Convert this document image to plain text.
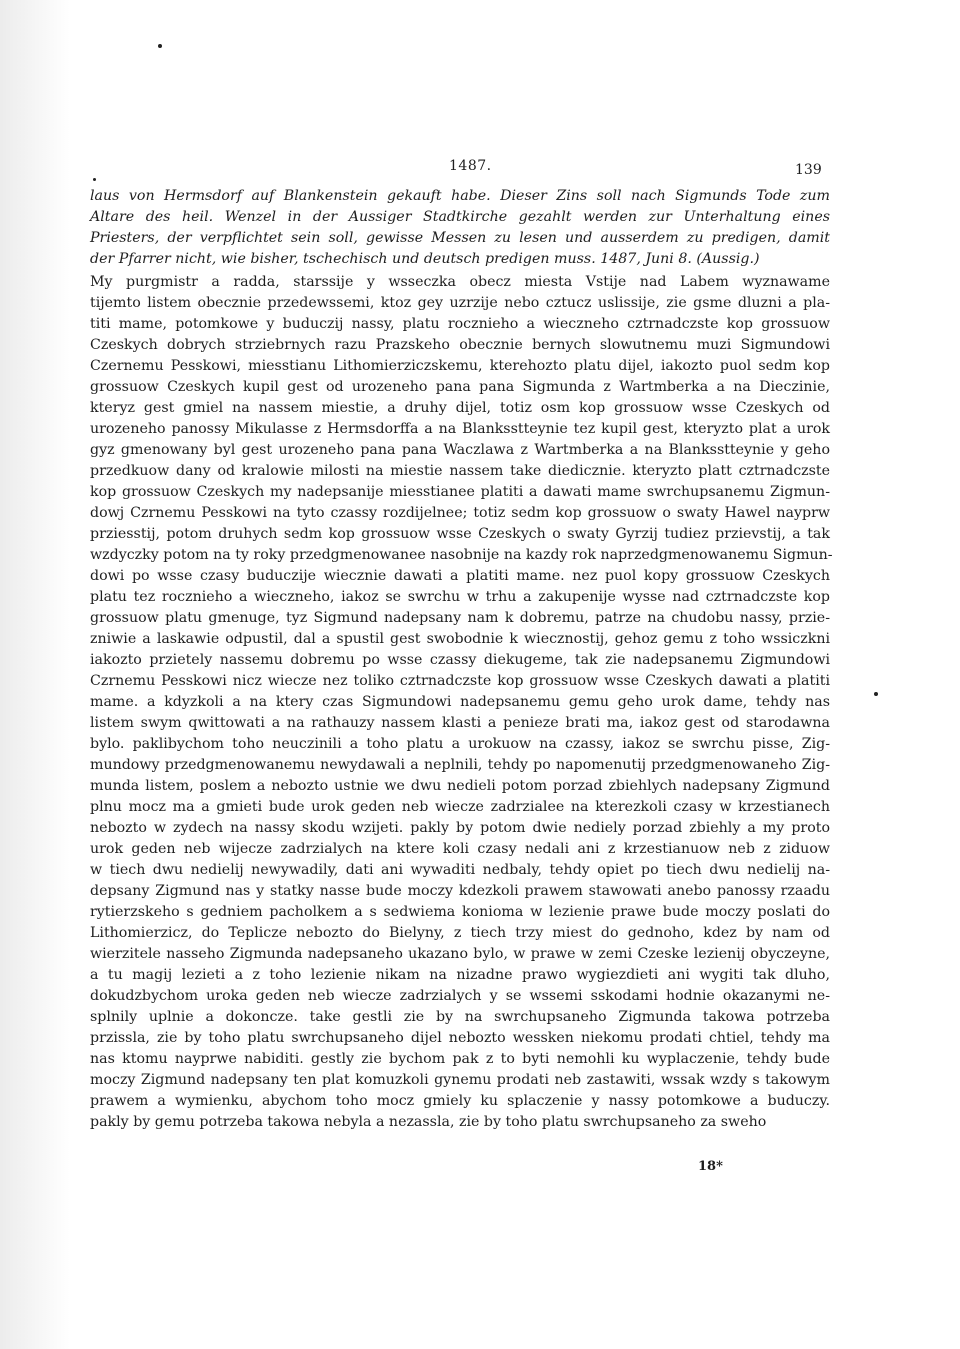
1487.	139
laus von Hermsdorf auf Blankenstein gekauft habe. Dieser Zins soll nach Sigmunds Tode zum
Altare des heil. Wenzel in der Aussiger Stadtkirche gezahlt werden zur Unterhaltung eines
Priesters, der verpflichtet sein soll, gewisse Messen zu lesen und ausserdem zu predigen, damit
der Pfarrer nicht, wie bisher, tschechisch und deutsch predigen muss. 1487, Juni 8. (Aussig.)
My purgmistr a radda, starssije y wsseczka obecz miesta Vstije nad Labem wyznawame
tijemto listem obecznie przedewssemi, ktoz gey uzrzije nebo cztucz uslissije, zie gsme dluzni a pla-
titi mame, potomkowe y buduczij nassy, platu rocznieho a wieczneho cztrnadczste kop grossuow
Czeskych dobrych strziebrnych razu Prazskeho obecznie bernych slowutnemu muzi Sigmundowi
Czernemu Pesskowi, miesstianu Lithomierziczskemu, kterehozto platu dijel, iakozto puol sedm kop
grossuow Czeskych kupil gest od urozeneho pana pana Sigmunda z Wartmberka a na Dieczinie,
kteryz gest gmiel na nassem miestie, a druhy dijel, totiz osm kop grossuow wsse Czeskych od
urozeneho panossy Mikulasse z Hermsdorffa a na Blanksstteynie tez kupil gest, kteryzto plat a urok
gyz gmenowany byl gest urozeneho pana pana Waczlawa z Wartmberka a na Blanksstteynie y geho
przedkuow dany od kralowie milosti na miestie nassem take diedicznie. kteryzto platt cztrnadczste
kop grossuow Czeskych my nadepsanije miesstianee platiti a dawati mame swrchupsanemu Zigmun-
dowj Czrnemu Pesskowi na tyto czassy rozdijelnee; totiz sedm kop grossuow o swaty Hawel nayprw
prziesstij, potom druhych sedm kop grossuow wsse Czeskych o swaty Gyrzij tudiez przievstij, a tak
wzdyczky potom na ty roky przedgmenowanee nasobnije na kazdy rok naprzedgmenowanemu Sigmun-
dowi po wsse czasy buduczije wiecznie dawati a platiti mame. nez puol kopy grossuow Czeskych
platu tez rocznieho a wieczneho, iakoz se swrchu w trhu a zakupenije wysse nad cztrnadczste kop
grossuow platu gmenuge, tyz Sigmund nadepsany nam k dobremu, patrze na chudobu nassy, przie-
zniwie a laskawie odpustil, dal a spustil gest swobodnie k wiecznostij, gehoz gemu z toho wssiczkni
iakozto przietely nassemu dobremu po wsse czassy diekugeme, tak zie nadepsanemu Zigmundowi
Czrnemu Pesskowi nicz wiecze nez toliko cztrnadczste kop grossuow wsse Czeskych dawati a platiti
mame. a kdyzkoli a na ktery czas Sigmundowi nadepsanemu gemu geho urok dame, tehdy nas
listem swym qwittowati a na rathauzy nassem klasti a penieze brati ma, iakoz gest od starodawna
bylo. paklibychom toho neuczinili a toho platu a urokuow na czassy, iakoz se swrchu pisse, Zig-
mundowy przedgmenowanemu newydawali a neplnili, tehdy po napomenutij przedgmenowaneho Zig-
munda listem, poslem a nebozto ustnie we dwu nedieli potom porzad zbiehlych nadepsany Zigmund
plnu mocz ma a gmieti bude urok geden neb wiecze zadrzialee na kterezkoli czasy w krzestianech
nebozto w zydech na nassy skodu wzijeti. pakly by potom dwie nediely porzad zbiehly a my proto
urok geden neb wijecze zadrzialych na ktere koli czasy nedali ani z krzestianuow neb z ziduow
w tiech dwu nedielij newywadily, dati ani wywaditi nedbaly, tehdy opiet po tiech dwu nedielij na-
depsany Zigmund nas y statky nasse bude moczy kdezkoli prawem stawowati anebo panossy rzaadu
rytierzskeho s gedniem pacholkem a s sedwiema koniomа w lezienie prawe bude moczy poslati do
Lithomierzicz, do Teplicze nebozto do Bielyny, z tiech trzy miest do gednoho, kdez by nam od
wierzitele nasseho Zigmunda nadepsaneho ukazano bylo, w prawe w zemi Czeske lezienij obyczeyne,
a tu magij lezieti a z toho lezienie nikam na nizadne prawo wygiezdieti ani wygiti tak dluho,
dokudzbychom uroka geden neb wiecze zadrzialych y se wssemi sskodami hodnie okazanymi ne-
splnily uplnie a dokoncze. take gestli zie by na swrchupsaneho Zigmunda takowa potrzeba
przissla, zie by toho platu swrchupsaneho dijel nebozto wessken niekomu prodati chtiel, tehdy ma
nas ktomu nayprwe nabiditi. gestly zie bychom pak z to byti nemohli ku wyplaczenie, tehdy bude
moczy Zigmund nadepsany ten plat komuzkoli gynemu prodati neb zastawiti, wssak wzdy s takowym
prawem a wymienku, abychom toho mocz gmiely ku splaczenie y nassy potomkowe a buduczy.
pakly by gemu potrzeba takowa nebyla a nezassla, zie by toho platu swrchupsaneho za sweho
18*
